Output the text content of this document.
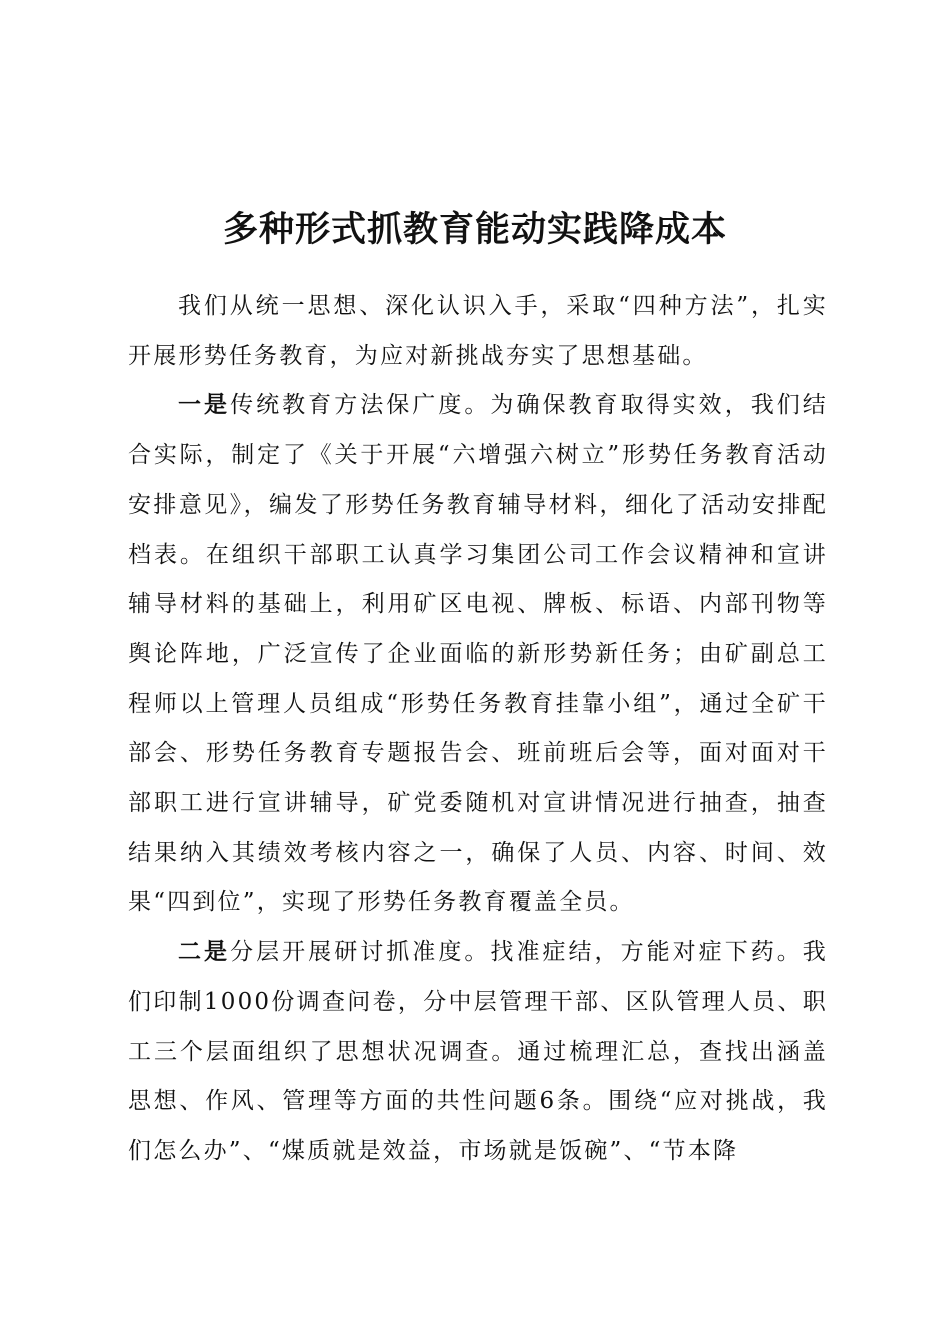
多种形式抓教育能动实践降成本

我们从统一思想、深化认识入手，采取“四种方法”，扎实开展形势任务教育，为应对新挑战夯实了思想基础。

一是传统教育方法保广度。为确保教育取得实效，我们结合实际，制定了《关于开展“六增强六树立”形势任务教育活动安排意见》，编发了形势任务教育辅导材料，细化了活动安排配档表。在组织干部职工认真学习集团公司工作会议精神和宣讲辅导材料的基础上，利用矿区电视、牌板、标语、内部刊物等舆论阵地，广泛宣传了企业面临的新形势新任务；由矿副总工程师以上管理人员组成“形势任务教育挂靠小组”，通过全矿干部会、形势任务教育专题报告会、班前班后会等，面对面对干部职工进行宣讲辅导，矿党委随机对宣讲情况进行抽查，抽查结果纳入其绩效考核内容之一，确保了人员、内容、时间、效果“四到位”，实现了形势任务教育覆盖全员。

二是分层开展研讨抓准度。找准症结，方能对症下药。我们印制1000份调查问卷，分中层管理干部、区队管理人员、职工三个层面组织了思想状况调查。通过梳理汇总，查找出涵盖思想、作风、管理等方面的共性问题6条。围绕“应对挑战，我们怎么办”、“煤质就是效益，市场就是饭碗”、“节本降
